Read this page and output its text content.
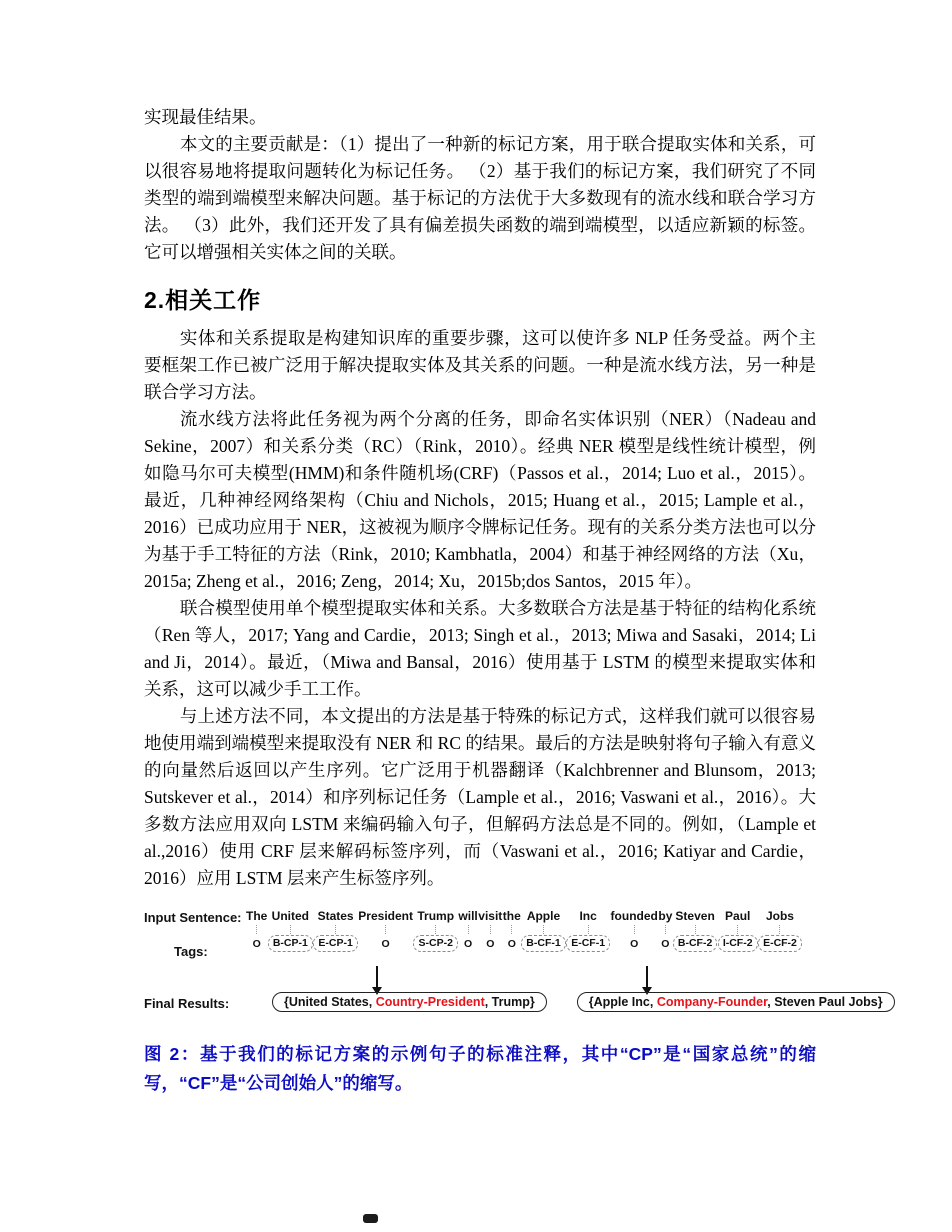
实现最佳结果。

本文的主要贡献是：（1）提出了一种新的标记方案，用于联合提取实体和关系，可以很容易地将提取问题转化为标记任务。 （2）基于我们的标记方案，我们研究了不同类型的端到端模型来解决问题。基于标记的方法优于大多数现有的流水线和联合学习方法。 （3）此外，我们还开发了具有偏差损失函数的端到端模型，以适应新颖的标签。它可以增强相关实体之间的关联。

2.相关工作

实体和关系提取是构建知识库的重要步骤，这可以使许多 NLP 任务受益。两个主要框架工作已被广泛用于解决提取实体及其关系的问题。一种是流水线方法，另一种是联合学习方法。

流水线方法将此任务视为两个分离的任务，即命名实体识别（NER）（Nadeau and Sekine，2007）和关系分类（RC）（Rink，2010）。经典 NER 模型是线性统计模型，例如隐马尔可夫模型(HMM)和条件随机场(CRF)（Passos et al.，2014; Luo et al.，2015）。最近，几种神经网络架构（Chiu and Nichols，2015; Huang et al.，2015; Lample et al.，2016）已成功应用于 NER，这被视为顺序令牌标记任务。现有的关系分类方法也可以分为基于手工特征的方法（Rink，2010; Kambhatla，2004）和基于神经网络的方法（Xu，2015a; Zheng et al.，2016; Zeng，2014; Xu，2015b;dos Santos，2015 年）。

联合模型使用单个模型提取实体和关系。大多数联合方法是基于特征的结构化系统（Ren 等人，2017; Yang and Cardie，2013; Singh et al.，2013; Miwa and Sasaki，2014; Li and Ji，2014）。最近，（Miwa and Bansal，2016）使用基于 LSTM 的模型来提取实体和关系，这可以减少手工工作。

与上述方法不同，本文提出的方法是基于特殊的标记方式，这样我们就可以很容易地使用端到端模型来提取没有 NER 和 RC 的结果。最后的方法是映射将句子输入有意义的向量然后返回以产生序列。它广泛用于机器翻译（Kalchbrenner and Blunsom，2013; Sutskever et al.，2014）和序列标记任务（Lample et al.，2016; Vaswani et al.，2016）。大多数方法应用双向 LSTM 来编码输入句子，但解码方法总是不同的。例如，（Lample et al.,2016）使用 CRF 层来解码标签序列，而（Vaswani et al.，2016; Katiyar and Cardie，2016）应用 LSTM 层来产生标签序列。

Input Sentence:
Tags:
Final Results:
The
O
United
B-CP-1
States
E-CP-1
President
O
Trump
S-CP-2
will
O
visit
O
the
O
Apple
B-CF-1
Inc
E-CF-1
founded
O
by
O
Steven
B-CF-2
Paul
I-CF-2
Jobs
E-CF-2
{United States, Country-President, Trump}	{Apple Inc, Company-Founder, Steven Paul Jobs}

图 2：基于我们的标记方案的示例句子的标准注释，其中“CP”是“国家总统”的缩写，“CF”是“公司创始人”的缩写。
